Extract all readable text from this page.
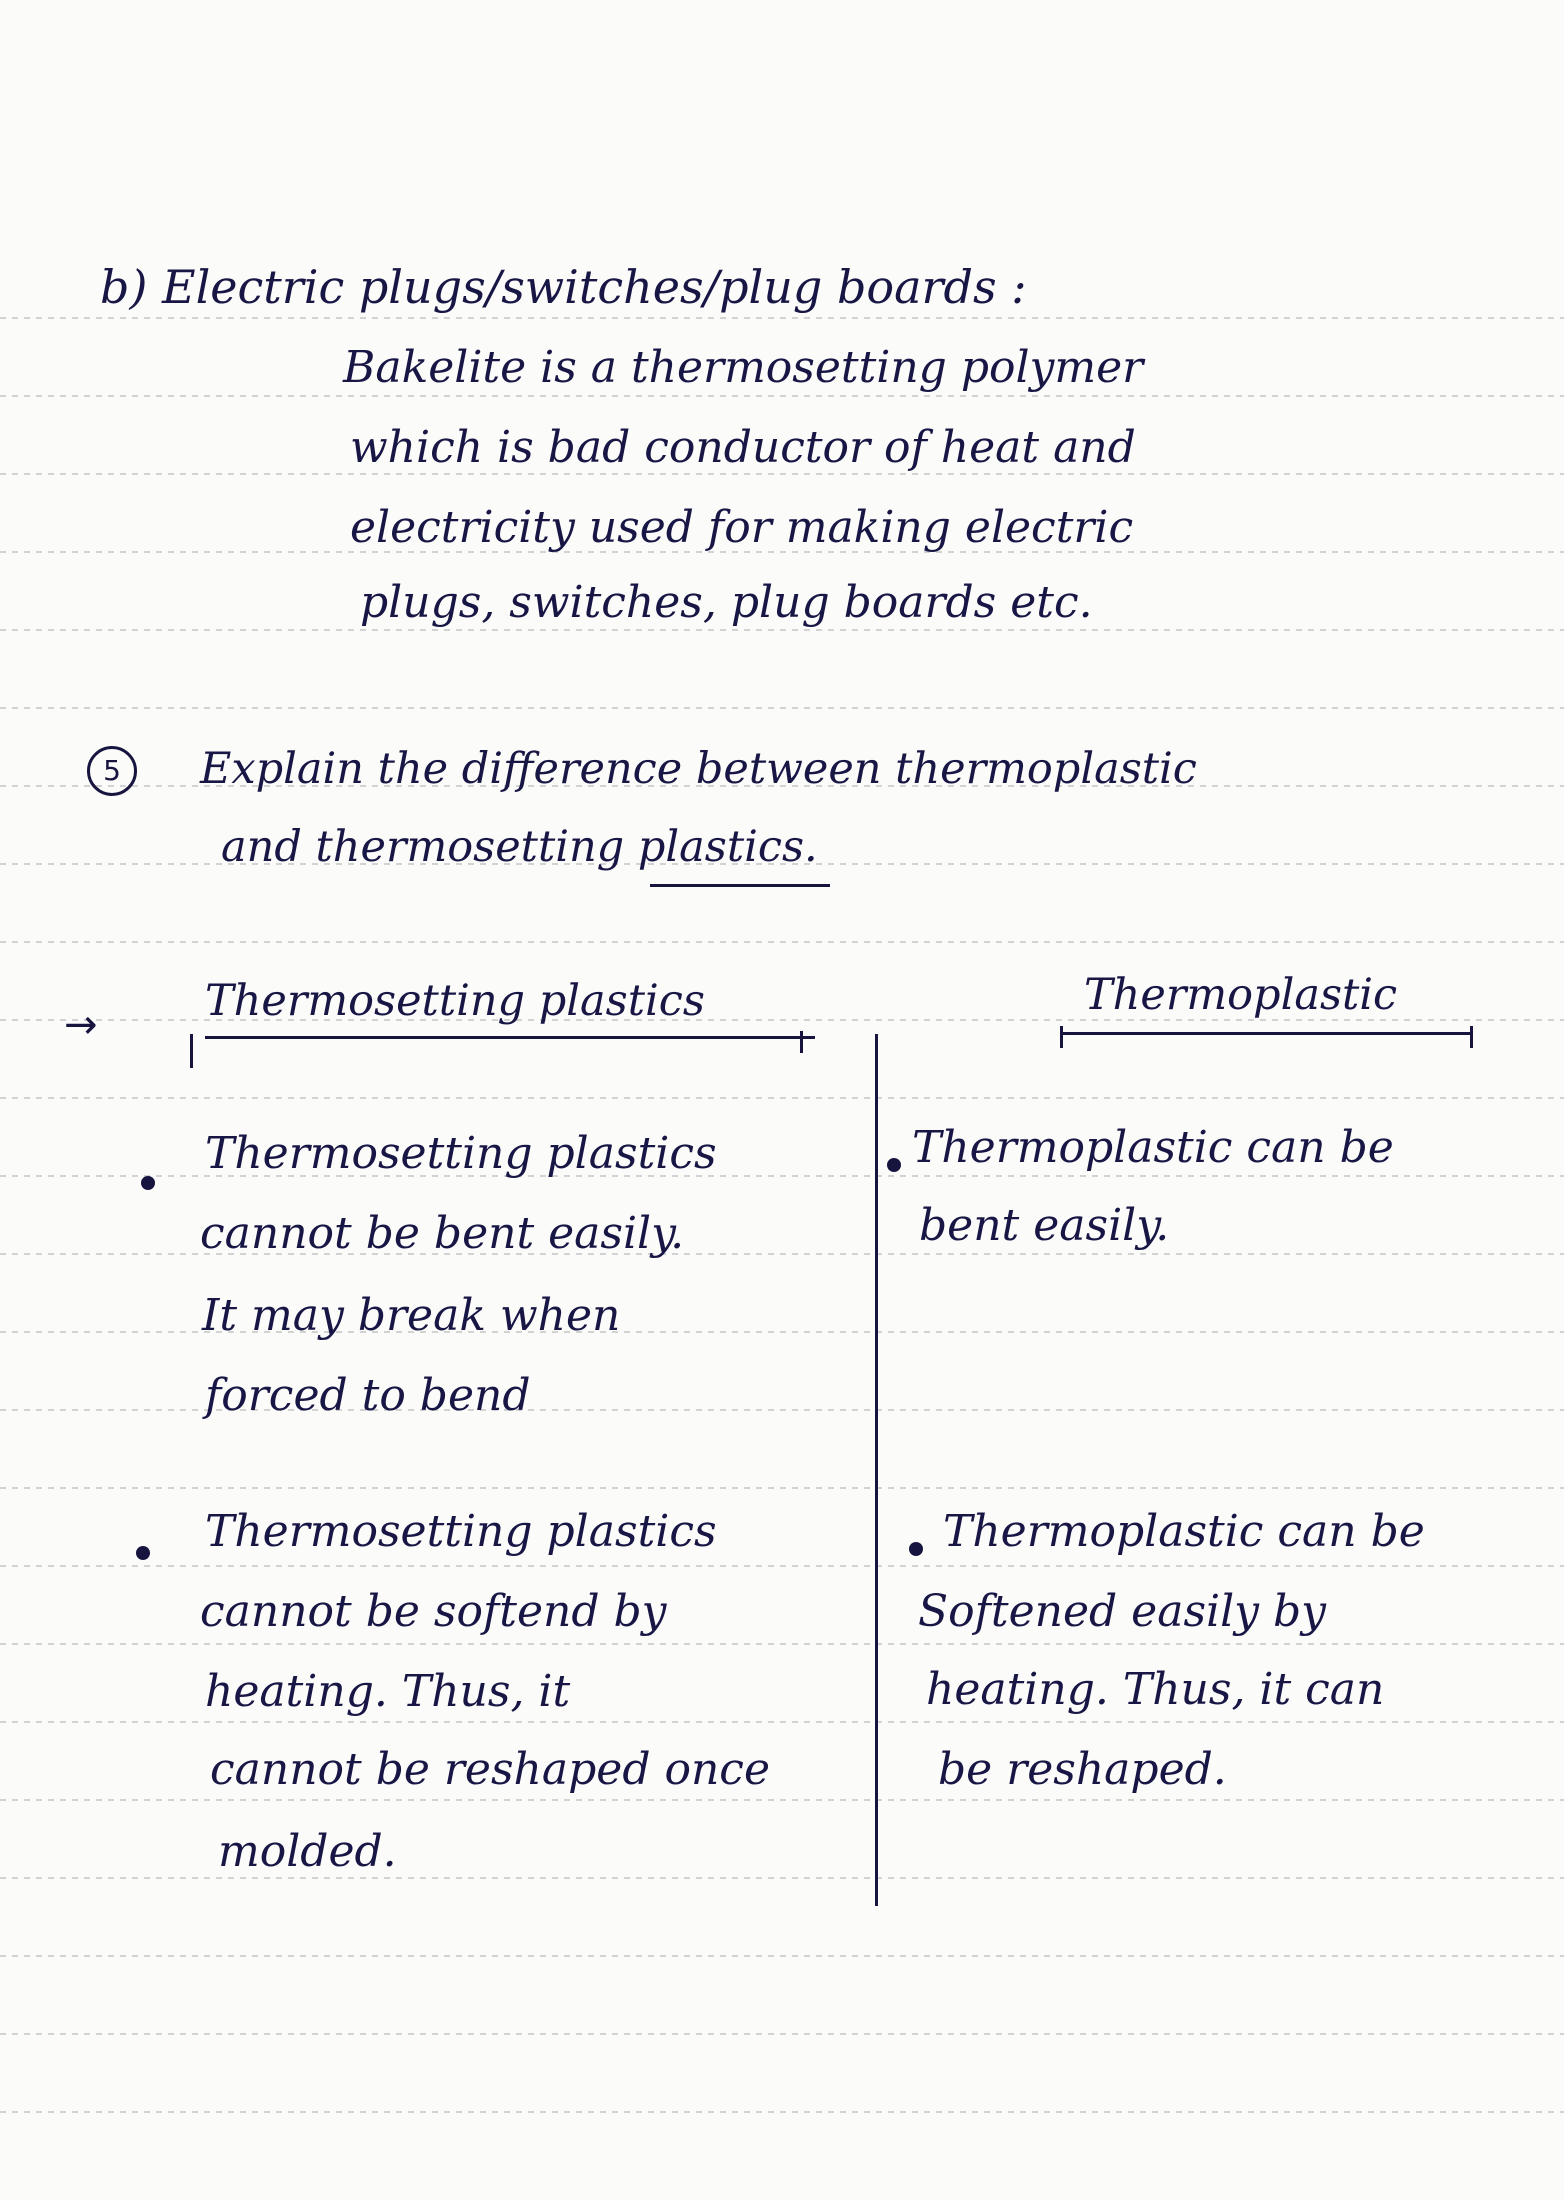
b) Electric plugs/switches/plug boards :
Bakelite is a thermosetting polymer
which is bad conductor of heat and
electricity used for making electric
plugs, switches, plug boards etc.
5	Explain the difference between thermoplastic
and thermosetting plastics.
→ Thermosetting plastics	Thermoplastic
Thermosetting plastics
cannot be bent easily.
It may break when
forced to bend
Thermoplastic can be
bent easily.
Thermosetting plastics
cannot be softend by
heating. Thus, it
cannot be reshaped once
molded.
Thermoplastic can be
Softened easily by
heating. Thus, it can
be reshaped.
